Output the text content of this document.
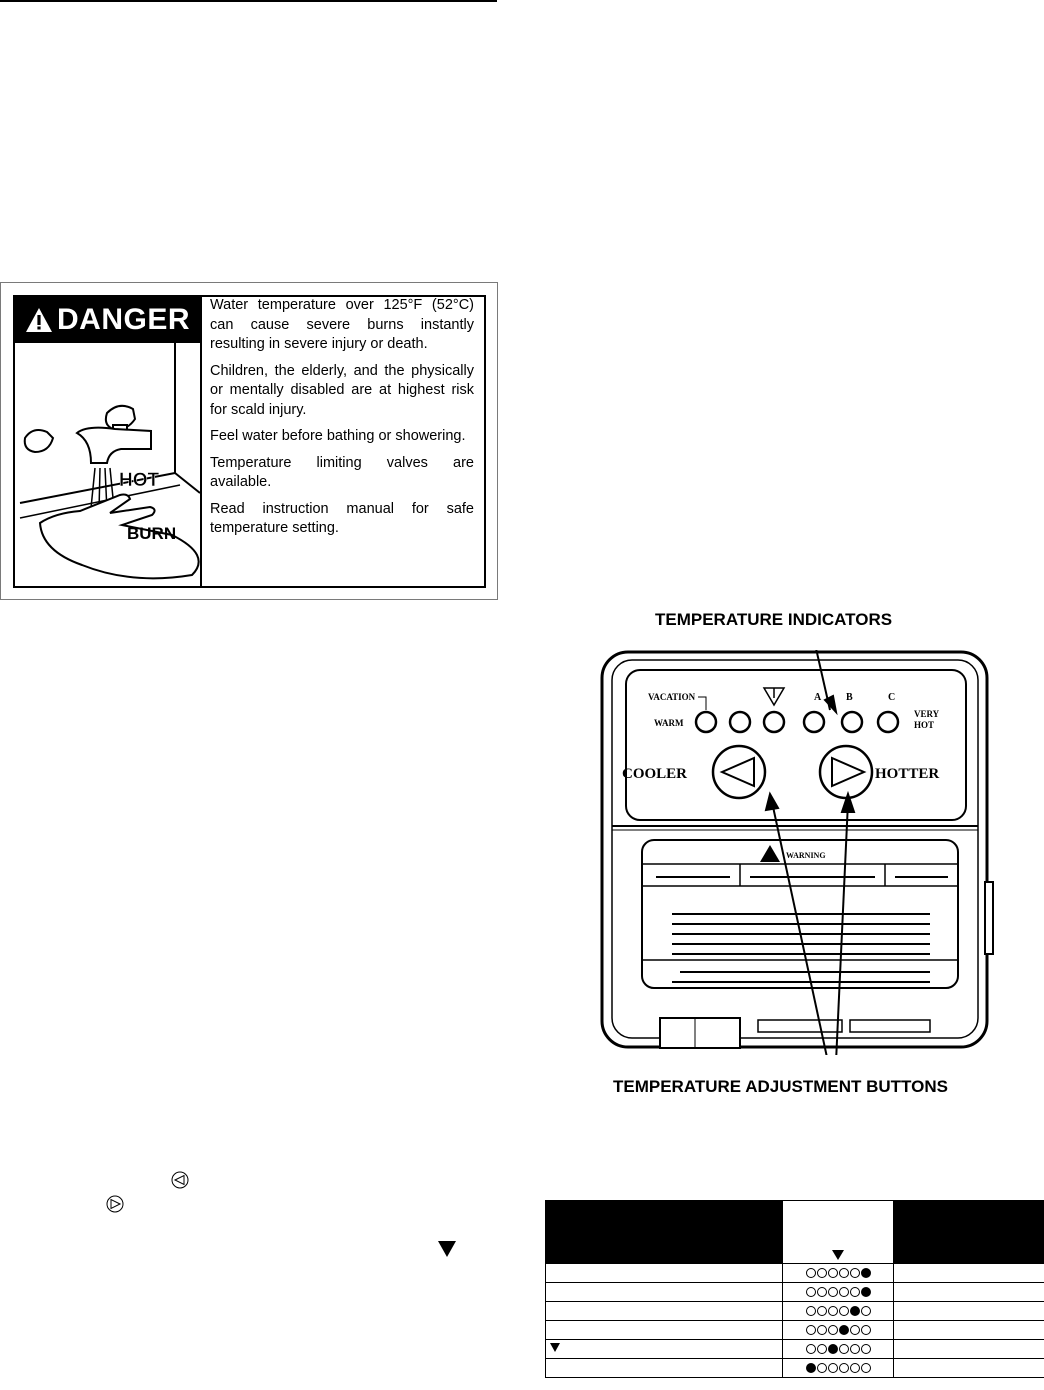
DANGER Water temperature over 125°F (52°C) can cause severe burns instantly resulting in severe injury or death.

Children, the elderly, and the physically or mentally disabled are at highest risk for scald injury.

Feel water before bathing or showering.

Temperature limiting valves are available.

Read instruction manual for safe temperature setting.

HOT
BURN
TEMPERATURE INDICATORS
TEMPERATURE ADJUSTMENT BUTTONS
VACATION
WARM
A B	C
VERY
HOT
COOLER	HOTTER
WARNING
